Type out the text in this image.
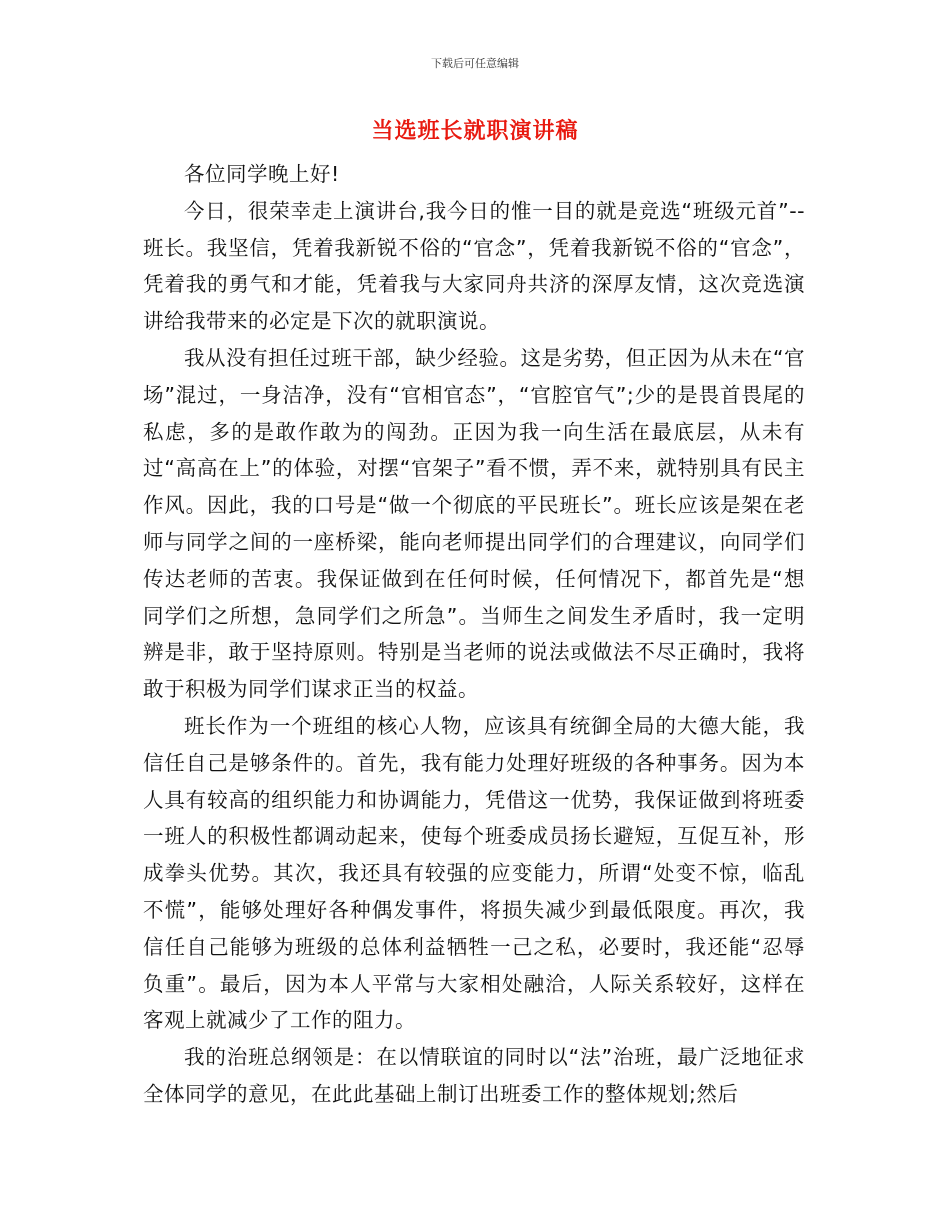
下载后可任意编辑
当选班长就职演讲稿

各位同学晚上好!

今日，很荣幸走上演讲台,我今日的惟一目的就是竞选“班级元首”--班长。我坚信，凭着我新锐不俗的“官念”，凭着我新锐不俗的“官念”，凭着我的勇气和才能，凭着我与大家同舟共济的深厚友情，这次竞选演讲给我带来的必定是下次的就职演说。

我从没有担任过班干部，缺少经验。这是劣势，但正因为从未在“官场”混过，一身洁净，没有“官相官态”，“官腔官气”;少的是畏首畏尾的私虑，多的是敢作敢为的闯劲。正因为我一向生活在最底层，从未有过“高高在上”的体验，对摆“官架子”看不惯，弄不来，就特别具有民主作风。因此，我的口号是“做一个彻底的平民班长”。班长应该是架在老师与同学之间的一座桥梁，能向老师提出同学们的合理建议，向同学们传达老师的苦衷。我保证做到在任何时候，任何情况下，都首先是“想同学们之所想，急同学们之所急”。当师生之间发生矛盾时，我一定明辨是非，敢于坚持原则。特别是当老师的说法或做法不尽正确时，我将敢于积极为同学们谋求正当的权益。

班长作为一个班组的核心人物，应该具有统御全局的大德大能，我信任自己是够条件的。首先，我有能力处理好班级的各种事务。因为本人具有较高的组织能力和协调能力，凭借这一优势，我保证做到将班委一班人的积极性都调动起来，使每个班委成员扬长避短，互促互补，形成拳头优势。其次，我还具有较强的应变能力，所谓“处变不惊，临乱不慌”，能够处理好各种偶发事件，将损失减少到最低限度。再次，我信任自己能够为班级的总体利益牺牲一己之私，必要时，我还能“忍辱负重”。最后，因为本人平常与大家相处融洽，人际关系较好，这样在客观上就减少了工作的阻力。

我的治班总纲领是：在以情联谊的同时以“法”治班，最广泛地征求全体同学的意见，在此此基础上制订出班委工作的整体规划;然后
